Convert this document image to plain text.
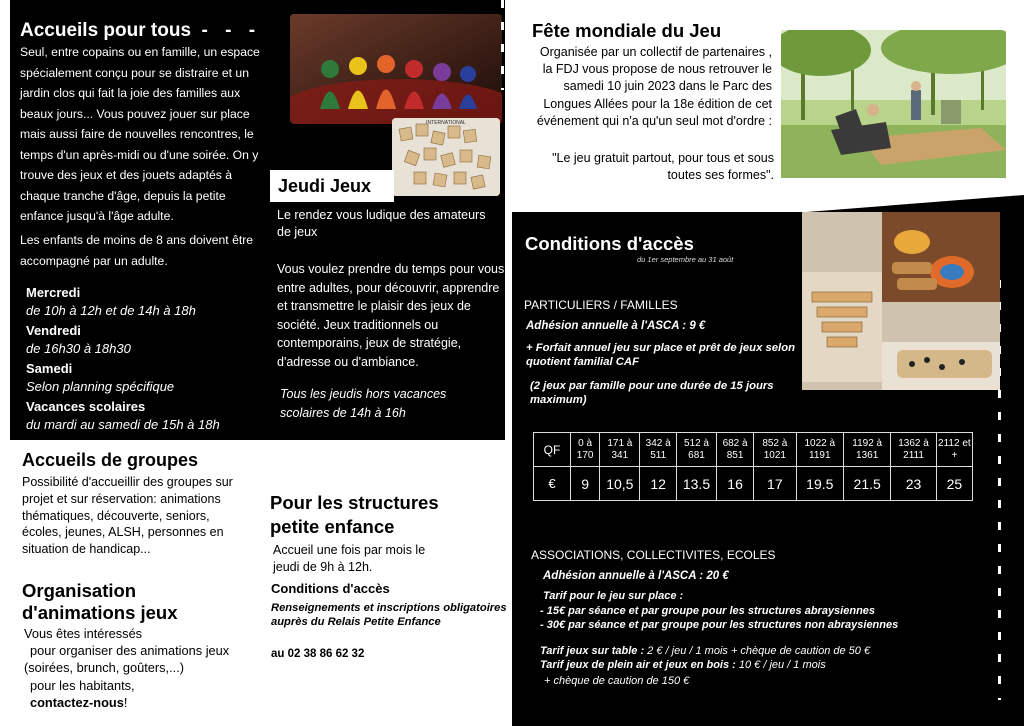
Accueils pour tous - - -

Seul, entre copains ou en famille, un espace spécialement conçu pour se distraire et un jardin clos qui fait la joie des familles aux beaux jours... Vous pouvez jouer sur place mais aussi faire de nouvelles rencontres, le temps d'un après-midi ou d'une soirée. On y trouve des jeux et des jouets adaptés à chaque tranche d'âge, depuis la petite enfance jusqu'à l'âge adulte.

Les enfants de moins de 8 ans doivent être accompagné par un adulte.

Mercredi
de 10h à 12h et de 14h à 18h
Vendredi
de 16h30 à 18h30
Samedi
Selon planning spécifique
Vacances scolaires
du mardi au samedi de 15h à 18h
INTERNATIONAL
Jeudi Jeux

Le rendez vous ludique des amateurs de jeux

Vous voulez prendre du temps pour vous entre adultes, pour découvrir, apprendre et transmettre le plaisir des jeux de société. Jeux traditionnels ou contemporains, jeux de stratégie, d'adresse ou d'ambiance.

Tous les jeudis hors vacances scolaires de 14h à 16h

Accueils de groupes

Possibilité d'accueillir des groupes sur projet et sur réservation: animations thématiques, découverte, seniors, écoles, jeunes, ALSH, personnes en situation de handicap...

Organisation
d'animations jeux
Vous êtes intéressés
pour organiser des animations jeux
(soirées, brunch, goûters,...)
pour les habitants,
contactez-nous!
Pour les structures
petite enfance

Accueil une fois par mois le jeudi de 9h à 12h.

Conditions d'accès

Renseignements et inscriptions obligatoires auprès du Relais Petite Enfance

au 02 38 86 62 32

Fête mondiale du Jeu

Organisée par un collectif de partenaires , la FDJ vous propose de nous retrouver le samedi 10 juin 2023 dans le Parc des Longues Allées pour la 18e édition de cet événement qui n'a qu'un seul mot d'ordre :

"Le jeu gratuit partout, pour tous et sous toutes ses formes".

Conditions d'accès

du 1er septembre au 31 août

PARTICULIERS / FAMILLES

Adhésion annuelle à l'ASCA : 9 €

+ Forfait annuel jeu sur place et prêt de jeux selon quotient familial CAF

(2 jeux par famille pour une durée de 15 jours maximum)

QF	0 à 170	171 à 341	342 à 511	512 à 681	682 à 851	852 à 1021	1022 à 1191	1192 à 1361	1362 à 2111	2112 et +
€	9	10,5	12	13.5	16	17	19.5	21.5	23	25

ASSOCIATIONS, COLLECTIVITES, ECOLES

Adhésion annuelle à l'ASCA : 20 €

Tarif pour le jeu sur place :

- 15€ par séance et par groupe pour les structures abraysiennes

- 30€ par séance et par groupe pour les structures non abraysiennes

Tarif jeux sur table : 2 € / jeu / 1 mois + chèque de caution de 50 €

Tarif jeux de plein air et jeux en bois : 10 € / jeu / 1 mois

+ chèque de caution de 150 €
